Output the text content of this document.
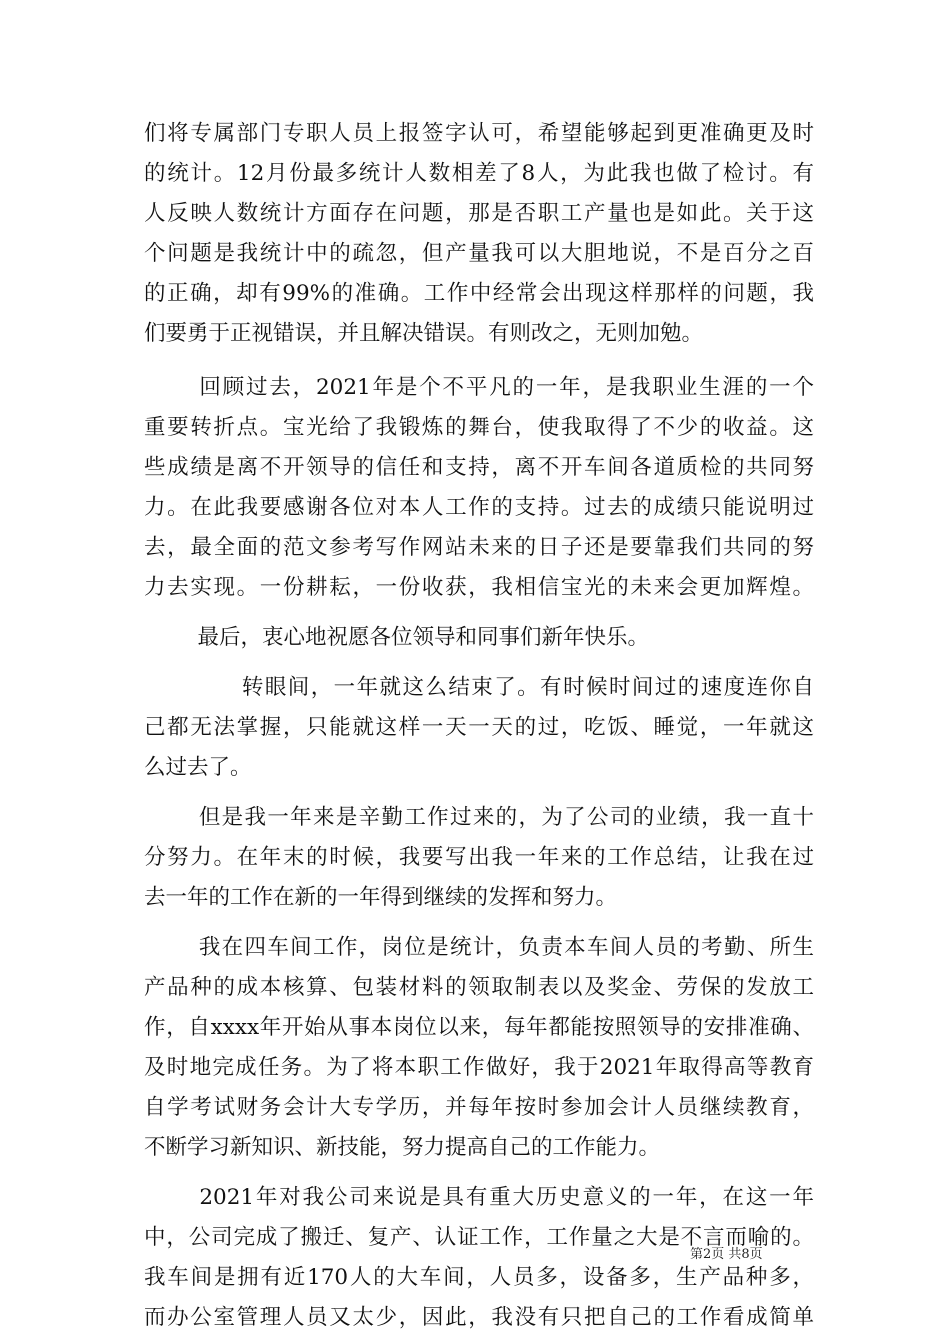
们将专属部门专职人员上报签字认可，希望能够起到更准确更及时
的统计。12月份最多统计人数相差了8人，为此我也做了检讨。有
人反映人数统计方面存在问题，那是否职工产量也是如此。关于这
个问题是我统计中的疏忽，但产量我可以大胆地说，不是百分之百
的正确，却有99%的准确。工作中经常会出现这样那样的问题，我
们要勇于正视错误，并且解决错误。有则改之，无则加勉。
　回顾过去，2021年是个不平凡的一年，是我职业生涯的一个
重要转折点。宝光给了我锻炼的舞台，使我取得了不少的收益。这
些成绩是离不开领导的信任和支持，离不开车间各道质检的共同努
力。在此我要感谢各位对本人工作的支持。过去的成绩只能说明过
去，最全面的范文参考写作网站未来的日子还是要靠我们共同的努
力去实现。一份耕耘，一份收获，我相信宝光的未来会更加辉煌。
　最后，衷心地祝愿各位领导和同事们新年快乐。
　　转眼间，一年就这么结束了。有时候时间过的速度连你自
己都无法掌握，只能就这样一天一天的过，吃饭、睡觉，一年就这
么过去了。
　但是我一年来是辛勤工作过来的，为了公司的业绩，我一直十
分努力。在年末的时候，我要写出我一年来的工作总结，让我在过
去一年的工作在新的一年得到继续的发挥和努力。
　我在四车间工作，岗位是统计，负责本车间人员的考勤、所生
产品种的成本核算、包装材料的领取制表以及奖金、劳保的发放工
作，自xxxx年开始从事本岗位以来，每年都能按照领导的安排准确、
及时地完成任务。为了将本职工作做好，我于2021年取得高等教育
自学考试财务会计大专学历，并每年按时参加会计人员继续教育，
不断学习新知识、新技能，努力提高自己的工作能力。
　2021年对我公司来说是具有重大历史意义的一年，在这一年
中，公司完成了搬迁、复产、认证工作，工作量之大是不言而喻的。
我车间是拥有近170人的大车间，人员多，设备多，生产品种多，
而办公室管理人员又太少，因此，我没有只把自己的工作看成简单
第2页 共8页
